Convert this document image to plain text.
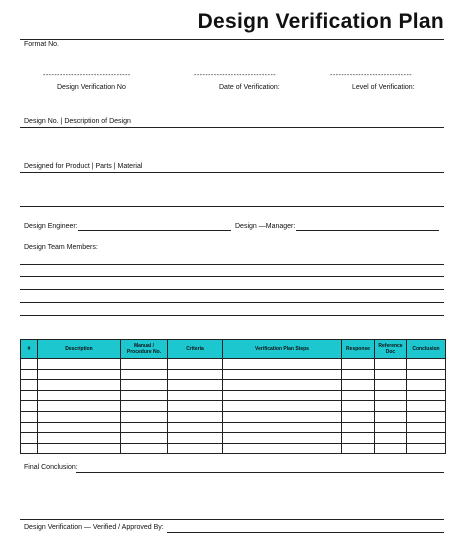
Design Verification Plan
Format No.
-------------------------------	-----------------------------	-----------------------------
Design Verification No	Date of Verification:	Level of Verification:
Design No. | Description of Design
Designed for Product | Parts | Material
Design Engineer:	Design —Manager:
Design Team Members:
#	Description	Manual / Procedure No.	Criteria	Verification Plan Steps	Response	Reference Doc	Conclusion

Final Conclusion:
Design Verification — Verified / Approved By:
